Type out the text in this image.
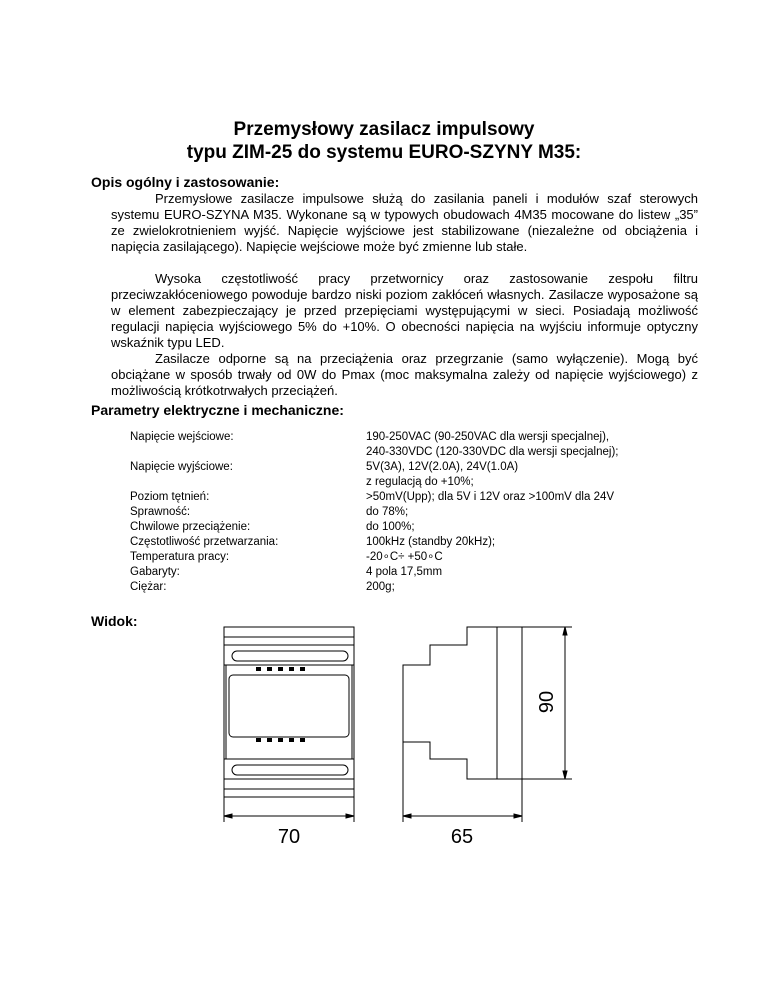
Przemysłowy zasilacz impulsowy
typu ZIM-25 do systemu EURO-SZYNY M35:
Opis ogólny i zastosowanie:

Przemysłowe zasilacze impulsowe służą do zasilania paneli i modułów szaf sterowych systemu EURO-SZYNA M35. Wykonane są w typowych obudowach 4M35 mocowane do listew „35” ze zwielokrotnieniem wyjść. Napięcie wyjściowe jest stabilizowane (niezależne od obciążenia i napięcia zasilającego). Napięcie wejściowe może być zmienne lub stałe.

Wysoka częstotliwość pracy przetwornicy oraz zastosowanie zespołu filtru przeciwzakłóceniowego powoduje bardzo niski poziom zakłóceń własnych. Zasilacze wyposażone są w element zabezpieczający je przed przepięciami występującymi w sieci. Posiadają możliwość regulacji napięcia wyjściowego 5% do +10%. O obecności napięcia na wyjściu informuje optyczny wskaźnik typu LED.

Zasilacze odporne są na przeciążenia oraz przegrzanie (samo wyłączenie). Mogą być obciążane w sposób trwały od 0W do Pmax (moc maksymalna zależy od napięcie wyjściowego) z możliwością krótkotrwałych przeciążeń.

Parametry elektryczne i mechaniczne:
Napięcie wejściowe:
Napięcie wyjściowe:
Poziom tętnień:
Sprawność:
Chwilowe przeciążenie:
Częstotliwość przetwarzania:
Temperatura pracy:
Gabaryty:
Ciężar:
190-250VAC (90-250VAC dla wersji specjalnej),
240-330VDC (120-330VDC dla wersji specjalnej);
5V(3A), 12V(2.0A), 24V(1.0A)
z regulacją do +10%;
>50mV(Upp); dla 5V i 12V oraz >100mV dla 24V
do 78%;
do 100%;
100kHz (standby 20kHz);
-20∘C÷ +50∘C
4 pola 17,5mm
200g;
Widok:
70	65
90
